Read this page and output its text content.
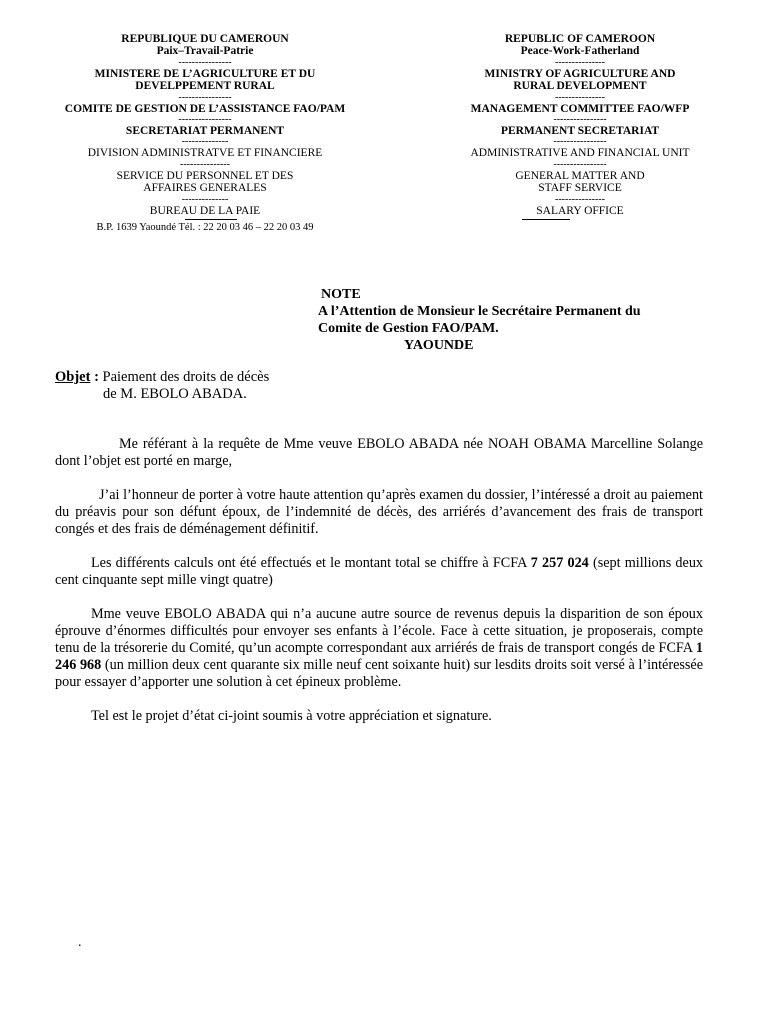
REPUBLIQUE DU CAMEROUN
Paix–Travail-Patrie
----------------
MINISTERE DE L’AGRICULTURE ET DU
DEVELPPEMENT RURAL
----------------
COMITE DE GESTION DE L’ASSISTANCE FAO/PAM
----------------
SECRETARIAT PERMANENT
--------------
DIVISION ADMINISTRATVE ET FINANCIERE
---------------
SERVICE DU PERSONNEL ET DES
AFFAIRES GENERALES
--------------
BUREAU DE LA PAIE
B.P. 1639 Yaoundé Tél. : 22 20 03 46 – 22 20 03 49
REPUBLIC OF CAMEROON
Peace-Work-Fatherland
---------------
MINISTRY OF AGRICULTURE AND
RURAL DEVELOPMENT
---------------
MANAGEMENT COMMITTEE FAO/WFP
----------------
PERMANENT SECRETARIAT
----------------
ADMINISTRATIVE AND FINANCIAL UNIT
----------------
GENERAL MATTER AND
STAFF SERVICE
---------------
SALARY OFFICE
NOTE
A l’Attention de Monsieur le Secrétaire Permanent du
Comite de Gestion FAO/PAM.
YAOUNDE
Objet : Paiement des droits de décès
de M. EBOLO ABADA.

Me référant à la requête de Mme veuve EBOLO ABADA née NOAH OBAMA Marcelline Solange dont l’objet est porté en marge,

J’ai l’honneur de porter à votre haute attention qu’après examen du dossier, l’intéressé a droit au paiement du préavis pour son défunt époux, de l’indemnité de décès, des arriérés d’avancement des frais de transport congés et des frais de déménagement définitif.

Les différents calculs ont été effectués et le montant total se chiffre à FCFA 7 257 024 (sept millions deux cent cinquante sept mille vingt quatre)

Mme veuve EBOLO ABADA qui n’a aucune autre source de revenus depuis la disparition de son époux éprouve d’énormes difficultés pour envoyer ses enfants à l’école. Face à cette situation, je proposerais, compte tenu de la trésorerie du Comité, qu’un acompte correspondant aux arriérés de frais de transport congés de FCFA 1 246 968 (un million deux cent quarante six mille neuf cent soixante huit) sur lesdits droits soit versé à l’intéressée pour essayer d’apporter une solution à cet épineux problème.

Tel est le projet d’état ci-joint soumis à votre appréciation et signature.

.
